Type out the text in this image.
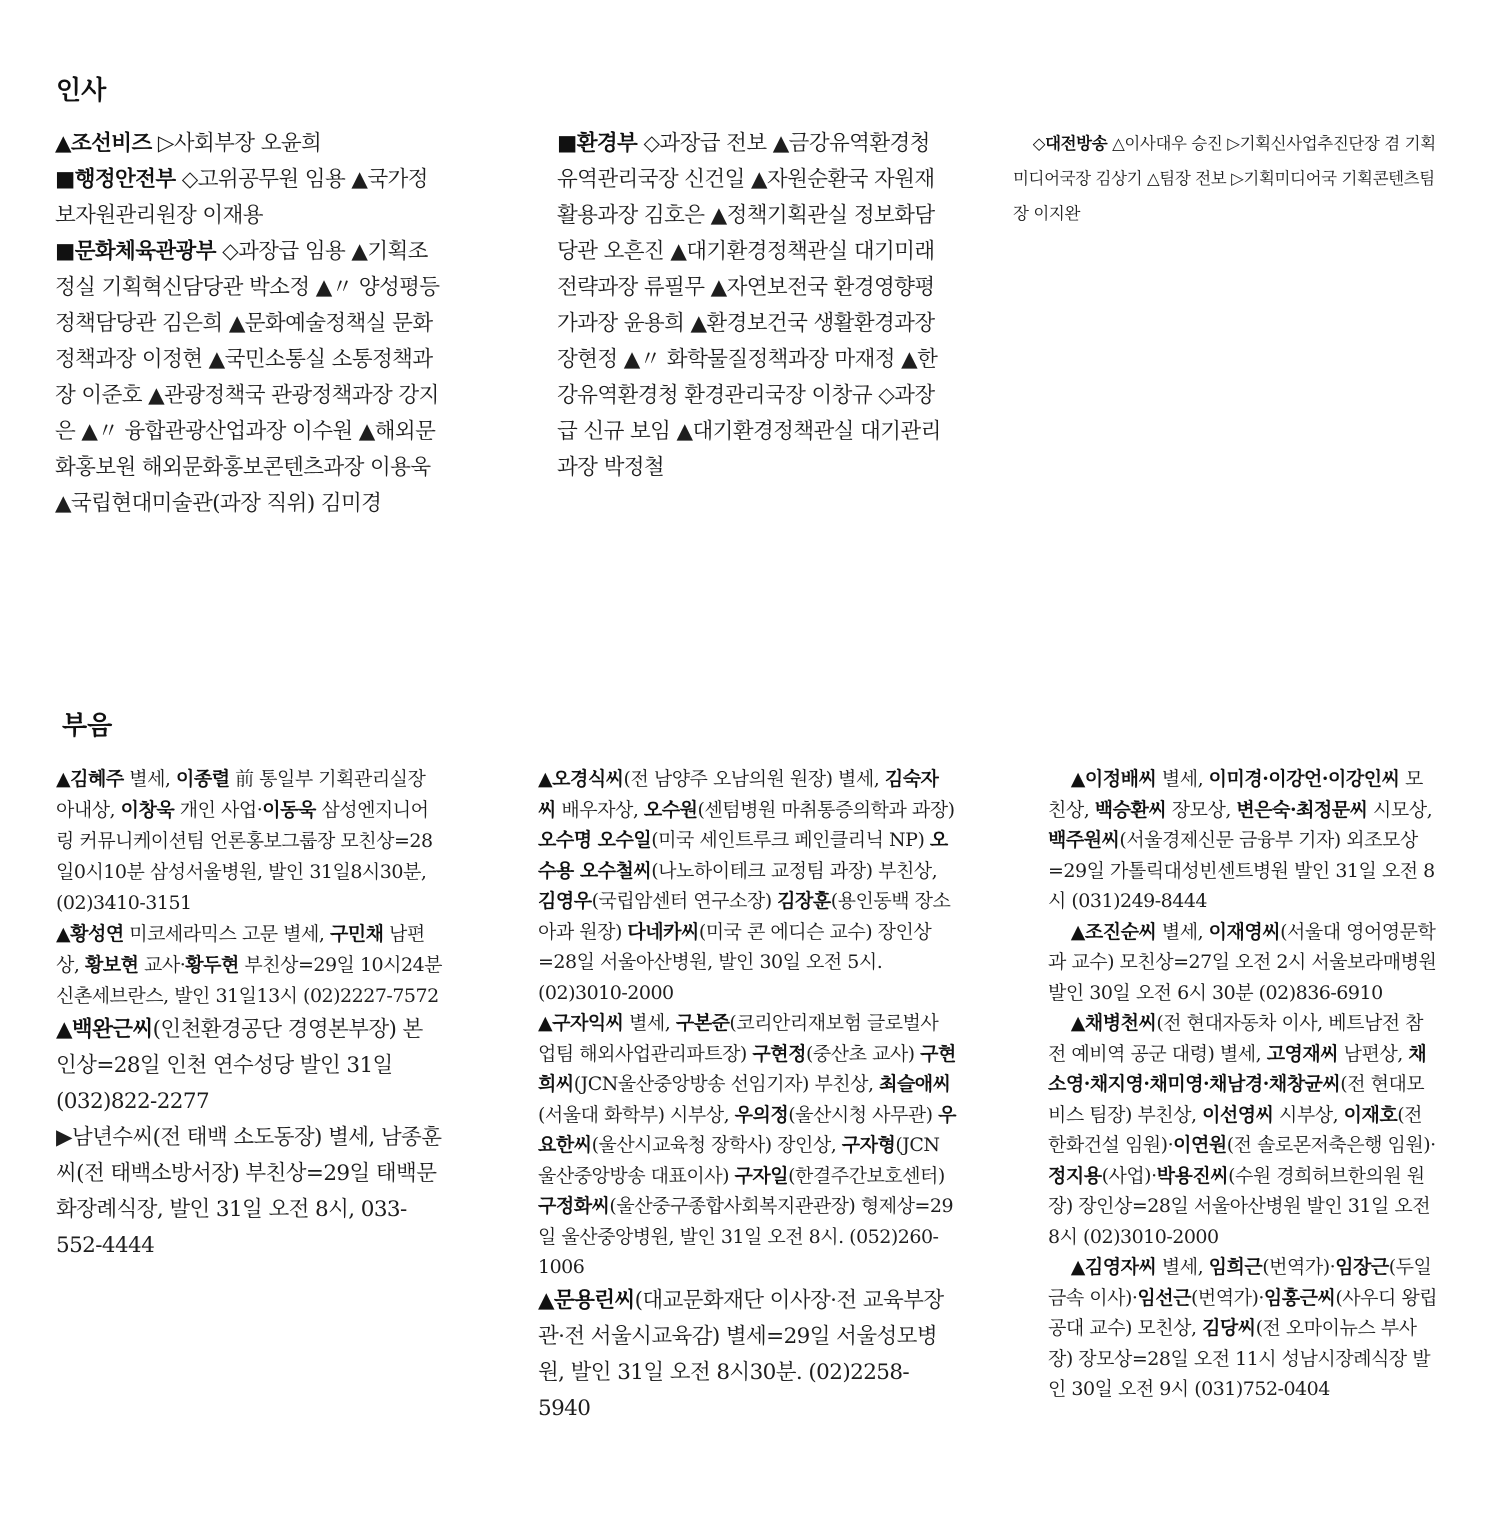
인사

▲조선비즈 ▷사회부장 오윤희

■행정안전부 ◇고위공무원 임용 ▲국가정보자원관리원장 이재용

■문화체육관광부 ◇과장급 임용 ▲기획조정실 기획혁신담당관 박소정 ▲〃 양성평등정책담당관 김은희 ▲문화예술정책실 문화정책과장 이정현 ▲국민소통실 소통정책과장 이준호 ▲관광정책국 관광정책과장 강지은 ▲〃 융합관광산업과장 이수원 ▲해외문화홍보원 해외문화홍보콘텐츠과장 이용욱 ▲국립현대미술관(과장 직위) 김미경

■환경부 ◇과장급 전보 ▲금강유역환경청 유역관리국장 신건일 ▲자원순환국 자원재활용과장 김호은 ▲정책기획관실 정보화담당관 오흔진 ▲대기환경정책관실 대기미래전략과장 류필무 ▲자연보전국 환경영향평가과장 윤용희 ▲환경보건국 생활환경과장 장현정 ▲〃 화학물질정책과장 마재정 ▲한강유역환경청 환경관리국장 이창규 ◇과장급 신규 보임 ▲대기환경정책관실 대기관리과장 박정철

◇대전방송 △이사대우 승진 ▷기획신사업추진단장 겸 기획미디어국장 김상기 △팀장 전보 ▷기획미디어국 기획콘텐츠팀장 이지완

부음

▲김혜주 별세, 이종렬 前 통일부 기획관리실장 아내상, 이창욱 개인 사업·이동욱 삼성엔지니어링 커뮤니케이션팀 언론홍보그룹장 모친상=28일0시10분 삼성서울병원, 발인 31일8시30분, (02)3410-3151

▲황성연 미코세라믹스 고문 별세, 구민채 남편상, 황보현 교사·황두현 부친상=29일 10시24분 신촌세브란스, 발인 31일13시 (02)2227-7572

▲백완근씨(인천환경공단 경영본부장) 본인상=28일 인천 연수성당 발인 31일 (032)822-2277

▶남년수씨(전 태백 소도동장) 별세, 남종훈씨(전 태백소방서장) 부친상=29일 태백문화장례식장, 발인 31일 오전 8시, 033-552-4444

▲오경식씨(전 남양주 오남의원 원장) 별세, 김숙자씨 배우자상, 오수원(센텀병원 마취통증의학과 과장) 오수명 오수일(미국 세인트루크 페인클리닉 NP) 오수용 오수철씨(나노하이테크 교정팀 과장) 부친상, 김영우(국립암센터 연구소장) 김장훈(용인동백 장소아과 원장) 다네카씨(미국 콘 에디슨 교수) 장인상=28일 서울아산병원, 발인 30일 오전 5시. (02)3010-2000

▲구자익씨 별세, 구본준(코리안리재보험 글로벌사업팀 해외사업관리파트장) 구현정(중산초 교사) 구현희씨(JCN울산중앙방송 선임기자) 부친상, 최슬애씨(서울대 화학부) 시부상, 우의정(울산시청 사무관) 우요한씨(울산시교육청 장학사) 장인상, 구자형(JCN울산중앙방송 대표이사) 구자일(한결주간보호센터) 구정화씨(울산중구종합사회복지관관장) 형제상=29일 울산중앙병원, 발인 31일 오전 8시. (052)260-1006

▲문용린씨(대교문화재단 이사장·전 교육부장관·전 서울시교육감) 별세=29일 서울성모병원, 발인 31일 오전 8시30분. (02)2258-5940

▲이정배씨 별세, 이미경·이강언·이강인씨 모친상, 백승환씨 장모상, 변은숙·최정문씨 시모상, 백주원씨(서울경제신문 금융부 기자) 외조모상=29일 가톨릭대성빈센트병원 발인 31일 오전 8시 (031)249-8444

▲조진순씨 별세, 이재영씨(서울대 영어영문학과 교수) 모친상=27일 오전 2시 서울보라매병원 발인 30일 오전 6시 30분 (02)836-6910

▲채병천씨(전 현대자동차 이사, 베트남전 참전 예비역 공군 대령) 별세, 고영재씨 남편상, 채소영·채지영·채미영·채남경·채창균씨(전 현대모비스 팀장) 부친상, 이선영씨 시부상, 이재호(전 한화건설 임원)·이연원(전 솔로몬저축은행 임원)·정지용(사업)·박용진씨(수원 경희허브한의원 원장) 장인상=28일 서울아산병원 발인 31일 오전 8시 (02)3010-2000

▲김영자씨 별세, 임희근(번역가)·임장근(두일금속 이사)·임선근(번역가)·임홍근씨(사우디 왕립공대 교수) 모친상, 김당씨(전 오마이뉴스 부사장) 장모상=28일 오전 11시 성남시장례식장 발인 30일 오전 9시 (031)752-0404
